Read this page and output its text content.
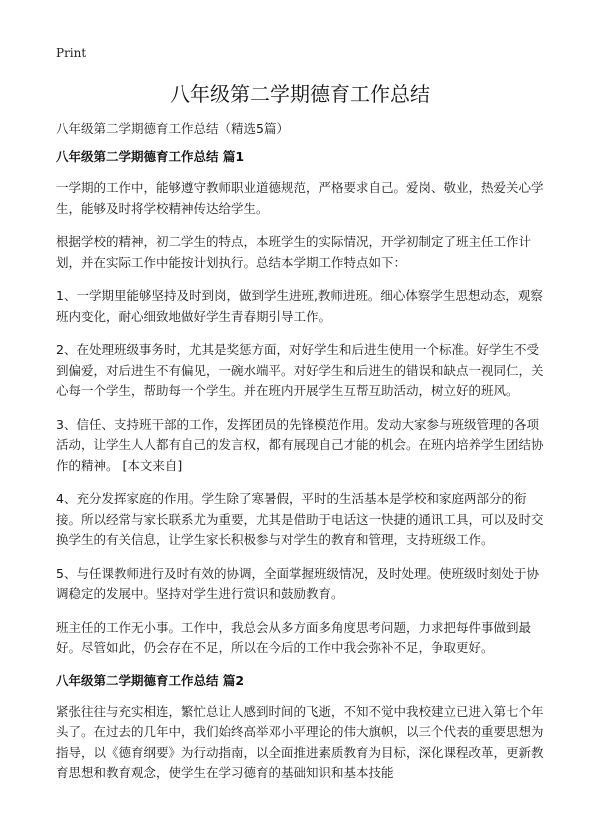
Print
八年级第二学期德育工作总结
八年级第二学期德育工作总结（精选5篇）
八年级第二学期德育工作总结 篇1

一学期的工作中，能够遵守教师职业道德规范，严格要求自己。爱岗、敬业，热爱关心学生，能够及时将学校精神传达给学生。

根据学校的精神，初二学生的特点，本班学生的实际情况，开学初制定了班主任工作计划，并在实际工作中能按计划执行。总结本学期工作特点如下：

1、一学期里能够坚持及时到岗，做到学生进班,教师进班。细心体察学生思想动态，观察班内变化，耐心细致地做好学生青春期引导工作。

2、在处理班级事务时，尤其是奖惩方面，对好学生和后进生使用一个标准。好学生不受到偏爱，对后进生不有偏见，一碗水端平。对好学生和后进生的错误和缺点一视同仁，关心每一个学生，帮助每一个学生。并在班内开展学生互帮互助活动，树立好的班风。

3、信任、支持班干部的工作，发挥团员的先锋模范作用。发动大家参与班级管理的各项活动，让学生人人都有自己的发言权，都有展现自己才能的机会。在班内培养学生团结协作的精神。 [本文来自]

4、充分发挥家庭的作用。学生除了寒暑假，平时的生活基本是学校和家庭两部分的衔接。所以经常与家长联系尤为重要，尤其是借助于电话这一快捷的通讯工具，可以及时交换学生的有关信息，让学生家长积极参与对学生的教育和管理，支持班级工作。

5、与任课教师进行及时有效的协调，全面掌握班级情况，及时处理。使班级时刻处于协调稳定的发展中。坚持对学生进行赏识和鼓励教育。

班主任的工作无小事。工作中，我总会从多方面多角度思考问题，力求把每件事做到最好。尽管如此，仍会存在不足，所以在今后的工作中我会弥补不足，争取更好。

八年级第二学期德育工作总结 篇2

紧张往往与充实相连，繁忙总让人感到时间的飞逝，不知不觉中我校建立已进入第七个年头了。在过去的几年中，我们始终高举邓小平理论的伟大旗帜，以三个代表的重要思想为指导，以《德育纲要》为行动指南，以全面推进素质教育为目标，深化课程改革，更新教育思想和教育观念，使学生在学习德育的基础知识和基本技能
